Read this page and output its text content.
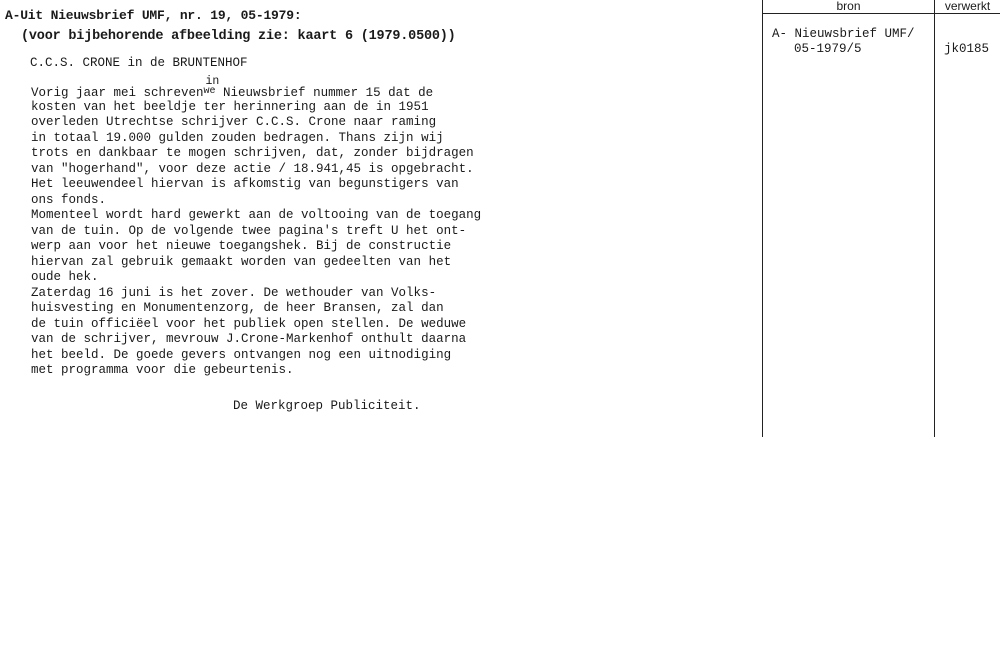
A-Uit Nieuwsbrief UMF, nr. 19, 05-1979:
(voor bijbehorende afbeelding zie: kaart 6 (1979.0500))
C.C.S. CRONE in de BRUNTENHOF
Vorig jaar mei schreven$^{we}$
in
Nieuwsbrief nummer 15 dat de
kosten van het beeldje ter herinnering aan de in 1951
overleden Utrechtse schrijver C.C.S. Crone naar raming
in totaal 19.000 gulden zouden bedragen. Thans zijn wij
trots en dankbaar te mogen schrijven, dat, zonder bijdragen
van "hogerhand", voor deze actie / 18.941,45 is opgebracht.
Het leeuwendeel hiervan is afkomstig van begunstigers van
ons fonds.
Momenteel wordt hard gewerkt aan de voltooing van de toegang
van de tuin. Op de volgende twee pagina's treft U het ont-
werp aan voor het nieuwe toegangshek. Bij de constructie
hiervan zal gebruik gemaakt worden van gedeelten van het
oude hek.
Zaterdag 16 juni is het zover. De wethouder van Volks-
huisvesting en Monumentenzorg, de heer Bransen, zal dan
de tuin officiëel voor het publiek open stellen. De weduwe
van de schrijver, mevrouw J.Crone-Markenhof onthult daarna
het beeld. De goede gevers ontvangen nog een uitnodiging
met programma voor die gebeurtenis.
De Werkgroep Publiciteit.
bron	verwerkt
A- Nieuwsbrief UMF/
05-1979/5	jk0185
